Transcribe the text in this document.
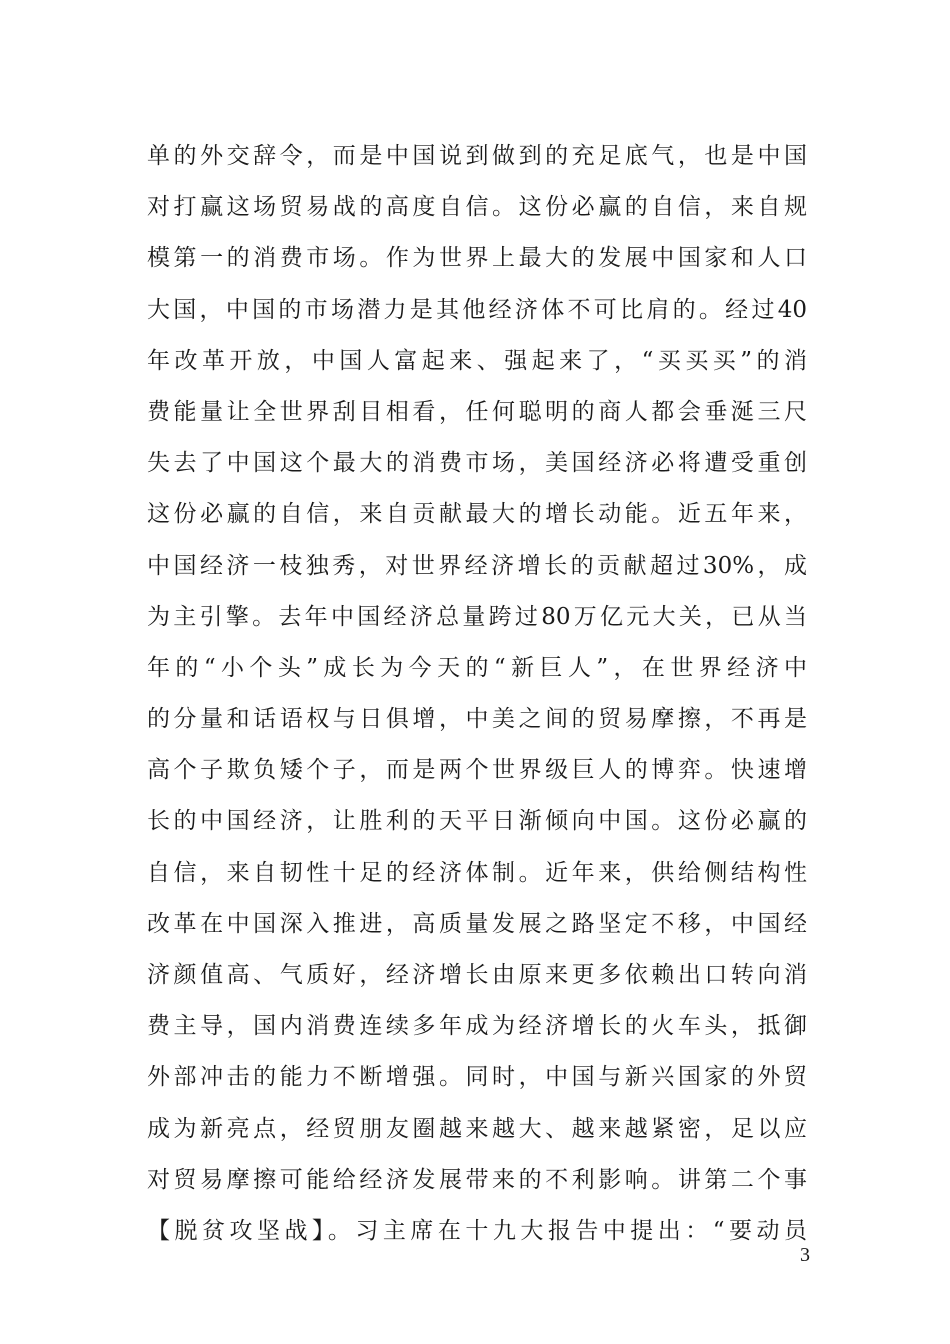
单的外交辞令，而是中国说到做到的充足底气，也是中国
对打赢这场贸易战的高度自信。这份必赢的自信，来自规
模第一的消费市场。作为世界上最大的发展中国家和人口
大国，中国的市场潜力是其他经济体不可比肩的。经过40
年改革开放，中国人富起来、强起来了，“买买买”的消
费能量让全世界刮目相看，任何聪明的商人都会垂涎三尺
失去了中国这个最大的消费市场，美国经济必将遭受重创
这份必赢的自信，来自贡献最大的增长动能。近五年来，
中国经济一枝独秀，对世界经济增长的贡献超过30%，成
为主引擎。去年中国经济总量跨过80万亿元大关，已从当
年的“小个头”成长为今天的“新巨人”，在世界经济中
的分量和话语权与日俱增，中美之间的贸易摩擦，不再是
高个子欺负矮个子，而是两个世界级巨人的博弈。快速增
长的中国经济，让胜利的天平日渐倾向中国。这份必赢的
自信，来自韧性十足的经济体制。近年来，供给侧结构性
改革在中国深入推进，高质量发展之路坚定不移，中国经
济颜值高、气质好，经济增长由原来更多依赖出口转向消
费主导，国内消费连续多年成为经济增长的火车头，抵御
外部冲击的能力不断增强。同时，中国与新兴国家的外贸
成为新亮点，经贸朋友圈越来越大、越来越紧密，足以应
对贸易摩擦可能给经济发展带来的不利影响。讲第二个事
【脱贫攻坚战】。习主席在十九大报告中提出：“要动员
3
